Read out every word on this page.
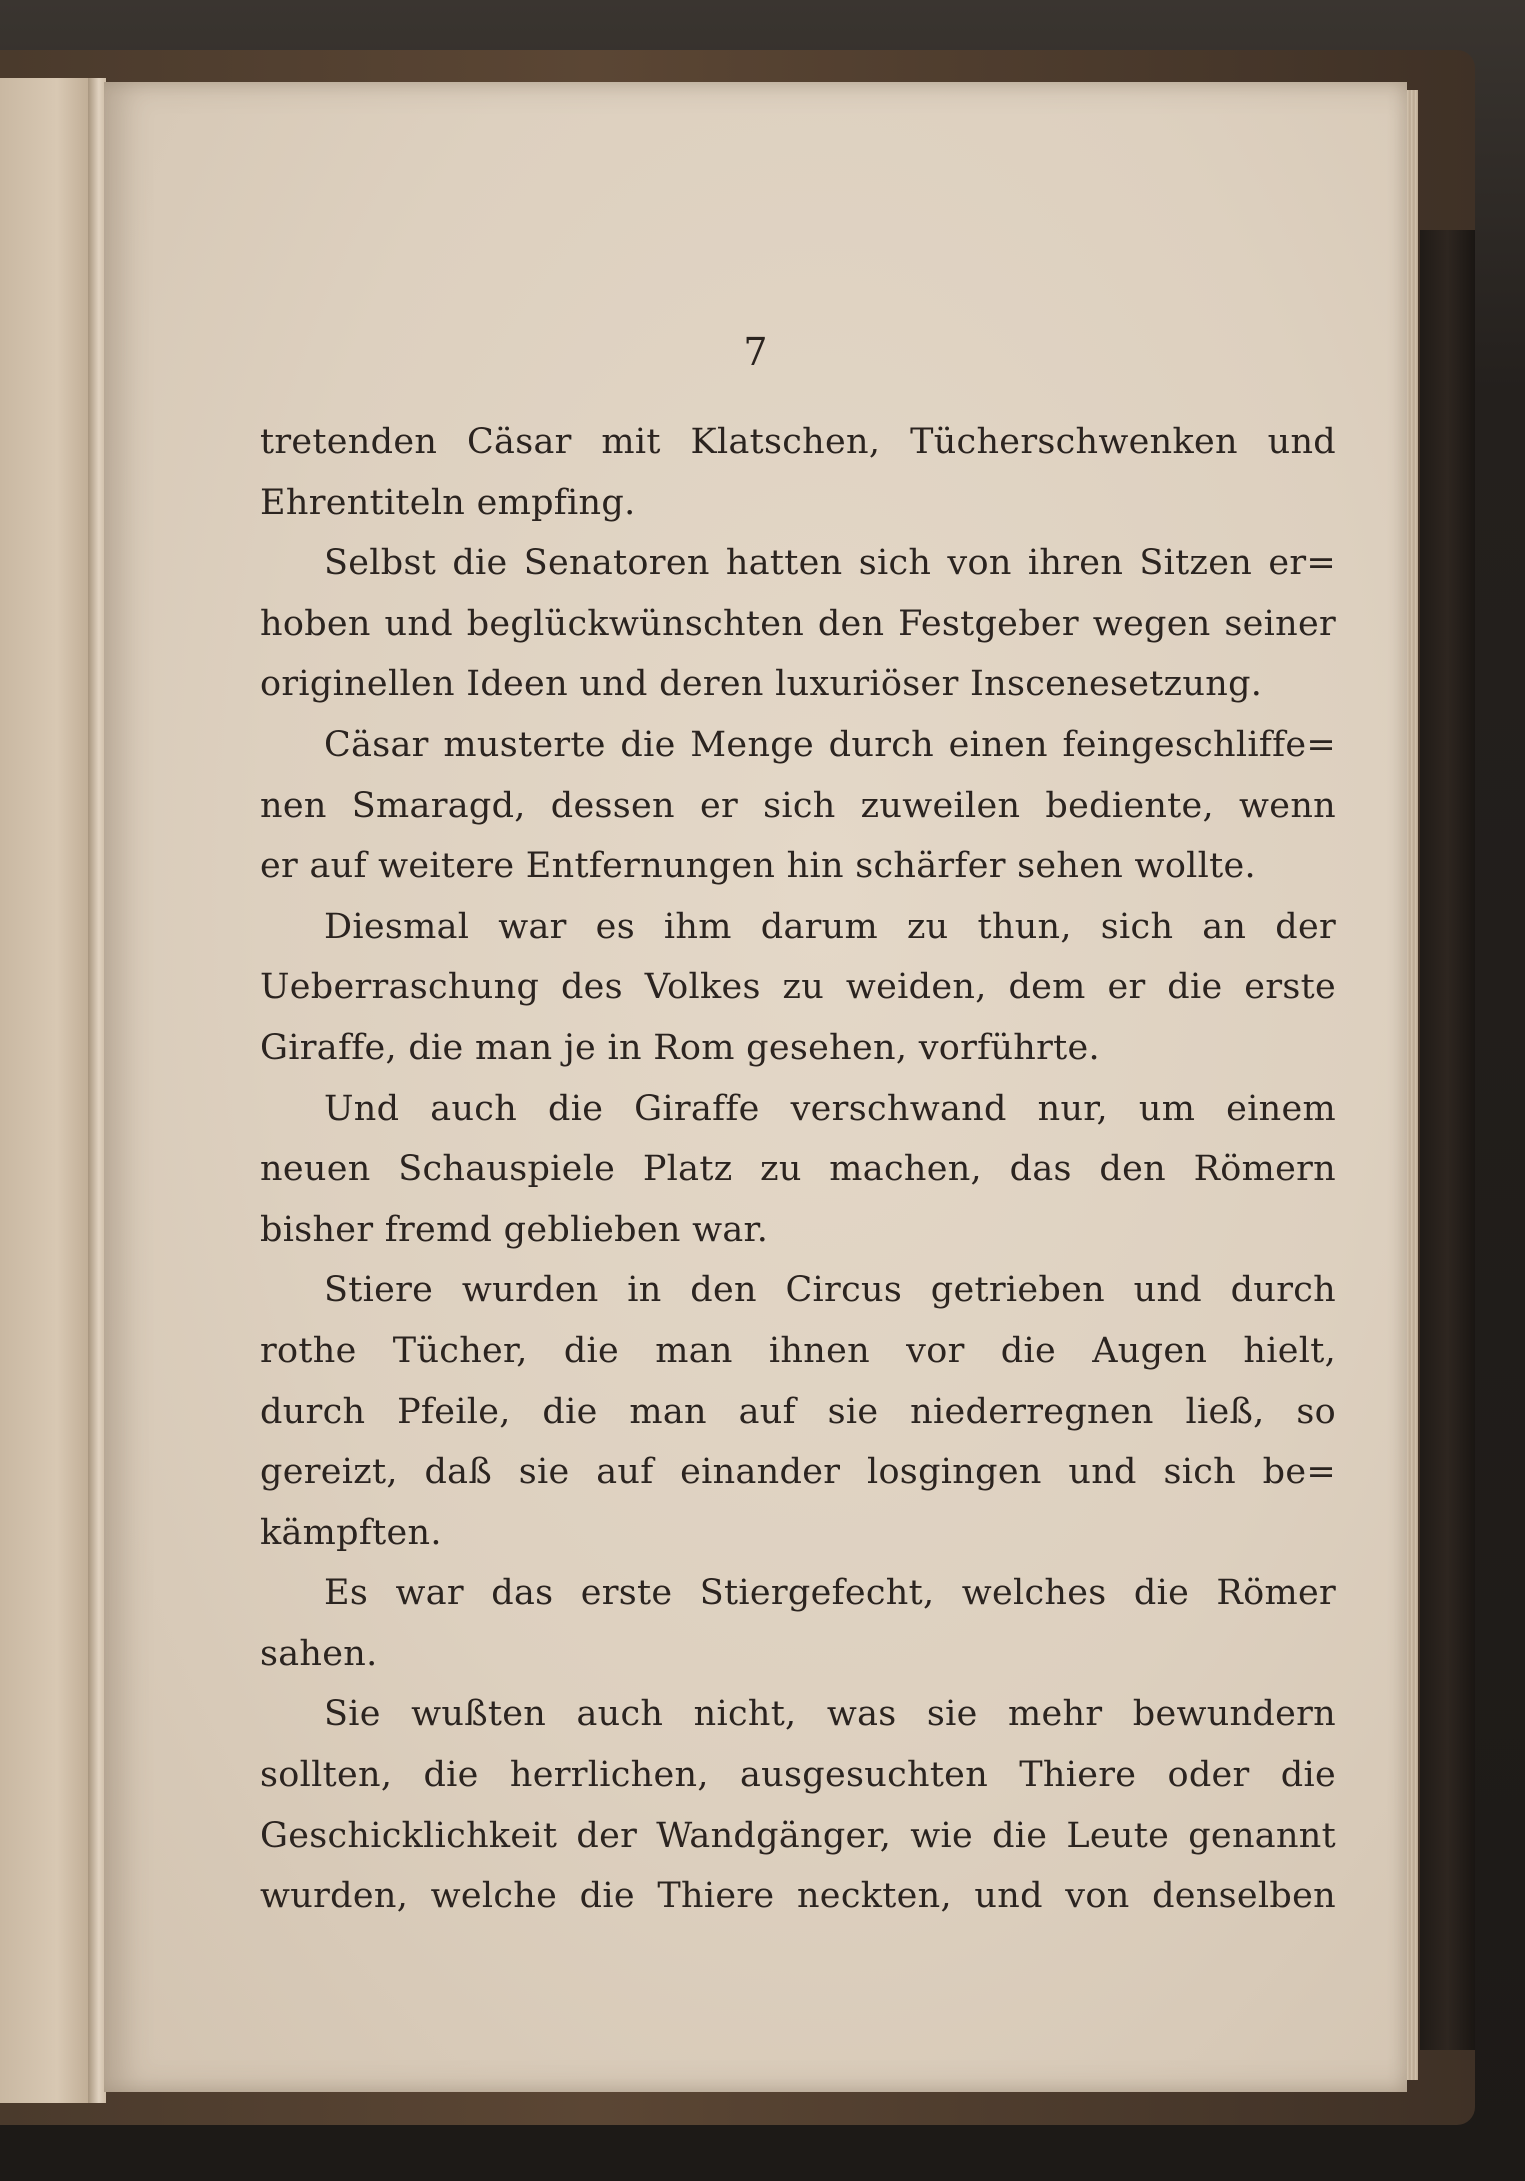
7

tretenden Cäsar mit Klatschen, Tücherschwenken und
Ehrentiteln empfing.
Selbst die Senatoren hatten sich von ihren Sitzen er=
hoben und beglückwünschten den Festgeber wegen seiner
originellen Ideen und deren luxuriöser Inscenesetzung.
Cäsar musterte die Menge durch einen feingeschliffe=
nen Smaragd, dessen er sich zuweilen bediente, wenn
er auf weitere Entfernungen hin schärfer sehen wollte.
Diesmal war es ihm darum zu thun, sich an der
Ueberraschung des Volkes zu weiden, dem er die erste
Giraffe, die man je in Rom gesehen, vorführte.
Und auch die Giraffe verschwand nur, um einem
neuen Schauspiele Platz zu machen, das den Römern
bisher fremd geblieben war.
Stiere wurden in den Circus getrieben und durch
rothe Tücher, die man ihnen vor die Augen hielt,
durch Pfeile, die man auf sie niederregnen ließ, so
gereizt, daß sie auf einander losgingen und sich be=
kämpften.
Es war das erste Stiergefecht, welches die Römer
sahen.
Sie wußten auch nicht, was sie mehr bewundern
sollten, die herrlichen, ausgesuchten Thiere oder die
Geschicklichkeit der Wandgänger, wie die Leute genannt
wurden, welche die Thiere neckten, und von denselben
